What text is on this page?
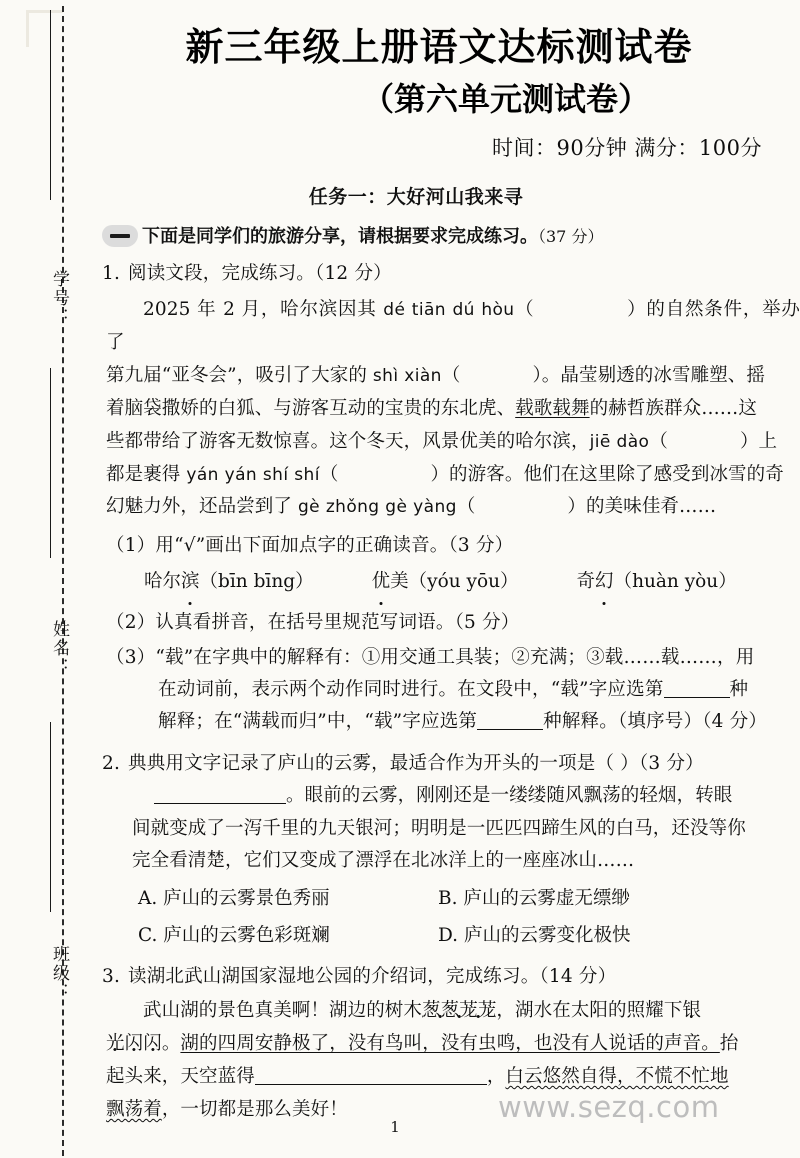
学号：
姓名：
班级：
新三年级上册语文达标测试卷
（第六单元测试卷）

时间：90分钟 满分：100分

任务一：大好河山我来寻

下面是同学们的旅游分享，请根据要求完成练习。（37 分）

1. 阅读文段，完成练习。（12 分）

2025 年 2 月，哈尔滨因其 dé tiān dú hòu（	）的自然条件，举办了

第九届“亚冬会”，吸引了大家的 shì xiàn（	）。晶莹剔透的冰雪雕塑、摇

着脑袋撒娇的白狐、与游客互动的宝贵的东北虎、载歌载舞的赫哲族群众……这

些都带给了游客无数惊喜。这个冬天，风景优美的哈尔滨，jiē dào（	）上

都是裹得 yán yán shí shí（	）的游客。他们在这里除了感受到冰雪的奇

幻魅力外，还品尝到了 gè zhǒng gè yàng（	）的美味佳肴……

（1）用“√”画出下面加点字的正确读音。（3 分）

哈尔滨（bīn bīng）	优美（yóu yōu）	奇幻（huàn yòu）

（2）认真看拼音，在括号里规范写词语。（5 分）

（3）“载”在字典中的解释有：①用交通工具装；②充满；③载……载……，用

在动词前，表示两个动作同时进行。在文段中，“载”字应选第	种

解释；在“满载而归”中，“载”字应选第	种解释。（填序号）（4 分）

2. 典典用文字记录了庐山的云雾，最适合作为开头的一项是（ ）（3 分）

。眼前的云雾，刚刚还是一缕缕随风飘荡的轻烟，转眼

间就变成了一泻千里的九天银河；明明是一匹匹四蹄生风的白马，还没等你

完全看清楚，它们又变成了漂浮在北冰洋上的一座座冰山……

A. 庐山的云雾景色秀丽	B. 庐山的云雾虚无缥缈
C. 庐山的云雾色彩斑斓	D. 庐山的云雾变化极快

3. 读湖北武山湖国家湿地公园的介绍词，完成练习。（14 分）

武山湖的景色真美啊！湖边的树木葱葱茏茏，湖水在太阳的照耀下银

光闪闪。湖的四周安静极了，没有鸟叫，没有虫鸣，也没有人说话的声音。抬

起头来，天空蓝得	，白云悠然自得，不慌不忙地

飘荡着，一切都是那么美好！	www.sezq.com
1
